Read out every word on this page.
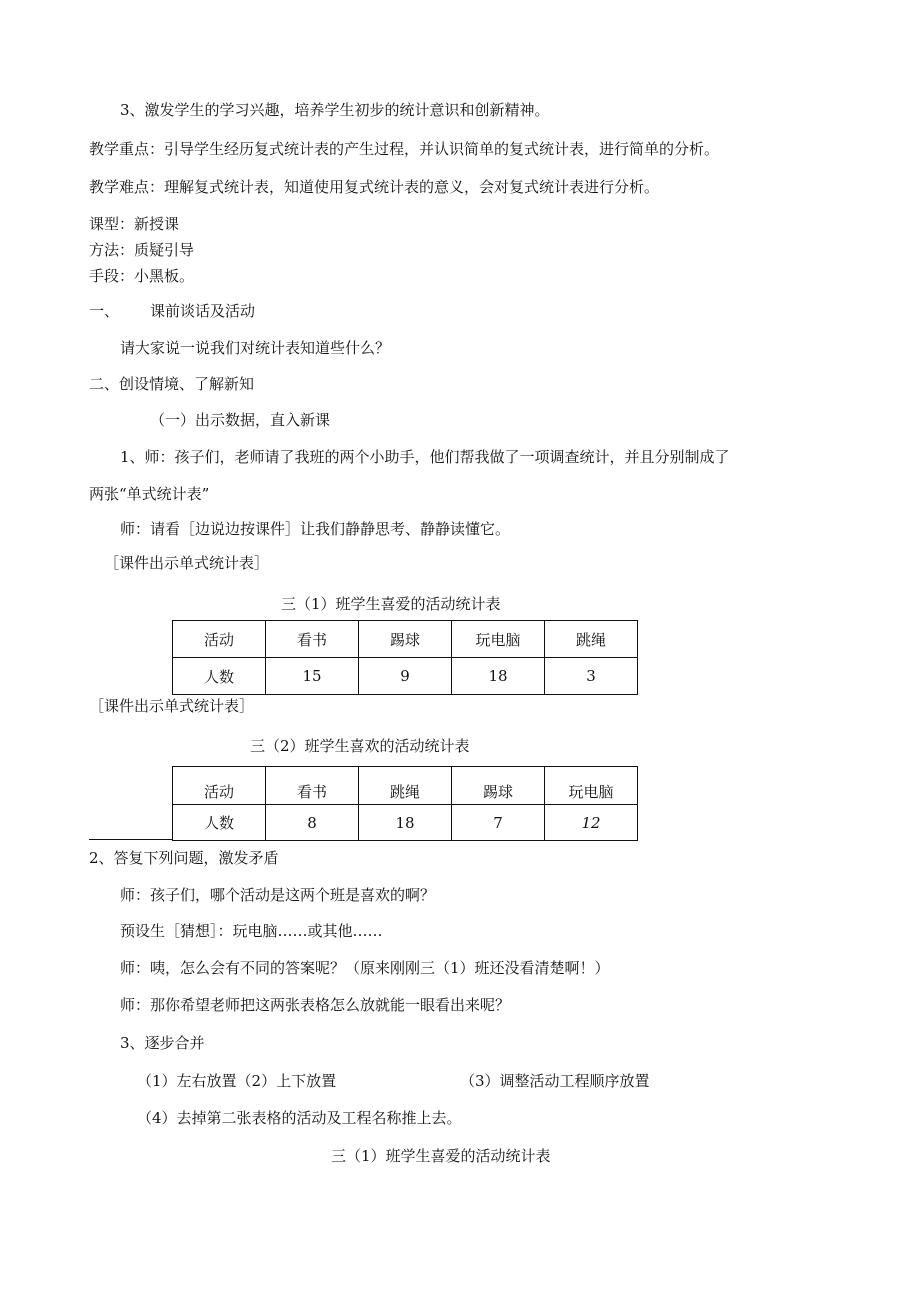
3、激发学生的学习兴趣，培养学生初步的统计意识和创新精神。
教学重点：引导学生经历复式统计表的产生过程，并认识简单的复式统计表，进行简单的分析。
教学难点：理解复式统计表，知道使用复式统计表的意义，会对复式统计表进行分析。
课型：新授课
方法：质疑引导
手段：小黑板。
一、 课前谈话及活动
请大家说一说我们对统计表知道些什么？
二、创设情境、了解新知
（一）出示数据，直入新课
1、师：孩子们，老师请了我班的两个小助手，他们帮我做了一项调查统计，并且分别制成了
两张“单式统计表”
师：请看［边说边按课件］让我们静静思考、静静读懂它。
［课件出示单式统计表］
三（1）班学生喜爱的活动统计表
活动	看书	踢球	玩电脑	跳绳
人数	15	9	18	3
［课件出示单式统计表］
三（2）班学生喜欢的活动统计表
活动	看书	跳绳	踢球	玩电脑
人数	8	18	7	12
2、答复下列问题，激发矛盾
师：孩子们，哪个活动是这两个班是喜欢的啊？
预设生［猜想］：玩电脑……或其他……
师：咦，怎么会有不同的答案呢？（原来刚刚三（1）班还没看清楚啊！）
师：那你希望老师把这两张表格怎么放就能一眼看出来呢？
3、逐步合并
（1）左右放置（2）上下放置	（3）调整活动工程顺序放置
（4）去掉第二张表格的活动及工程名称推上去。
三（1）班学生喜爱的活动统计表
